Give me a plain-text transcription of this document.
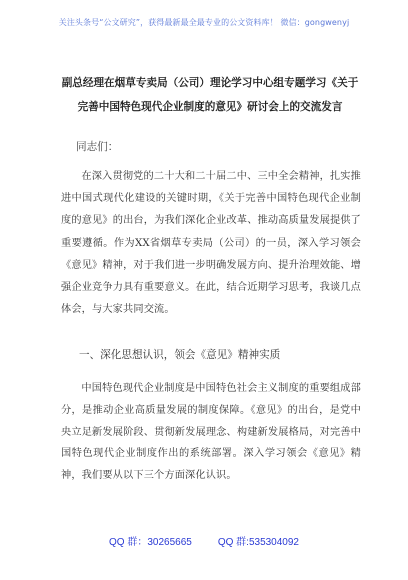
关注头条号“公文研究”，获得最新最全最专业的公文资料库！ 微信：gongwenyj
副总经理在烟草专卖局（公司）理论学习中心组专题学习《关于完善中国特色现代企业制度的意见》研讨会上的交流发言
同志们：
在深入贯彻党的二十大和二十届二中、三中全会精神，扎实推进中国式现代化建设的关键时期，《关于完善中国特色现代企业制度的意见》的出台，为我们深化企业改革、推动高质量发展提供了重要遵循。作为XX省烟草专卖局（公司）的一员，深入学习领会《意见》精神，对于我们进一步明确发展方向、提升治理效能、增强企业竞争力具有重要意义。在此，结合近期学习思考，我谈几点体会，与大家共同交流。
一、深化思想认识，领会《意见》精神实质
中国特色现代企业制度是中国特色社会主义制度的重要组成部分，是推动企业高质量发展的制度保障。《意见》的出台，是党中央立足新发展阶段、贯彻新发展理念、构建新发展格局，对完善中国特色现代企业制度作出的系统部署。深入学习领会《意见》精神，我们要从以下三个方面深化认识。
QQ 群：30265665	QQ 群:535304092
